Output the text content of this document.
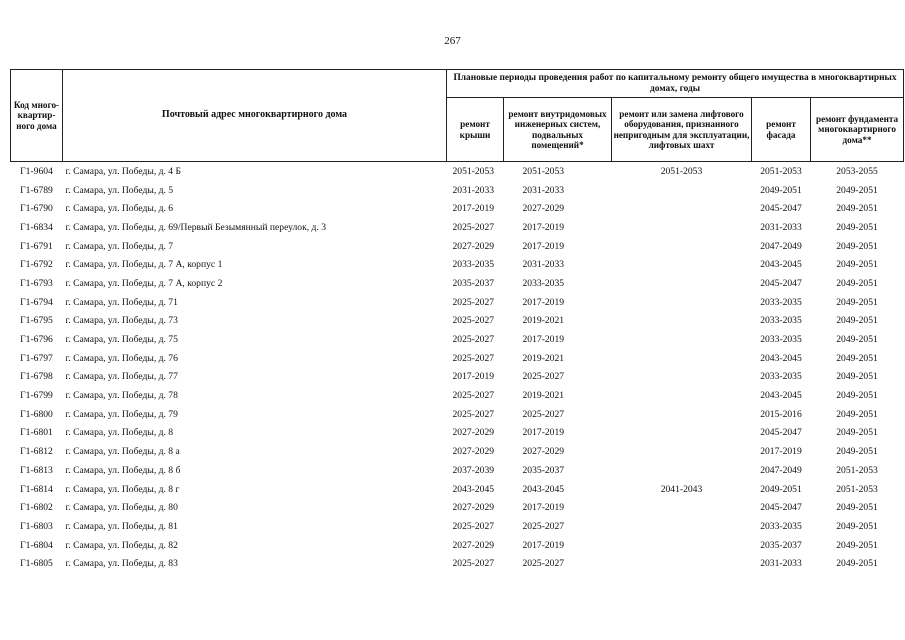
267
Код много-квартир-ного дома	Почтовый адрес многоквартирного дома	Плановые периоды проведения работ по капитальному ремонту общего имущества в многоквартирных домах, годы				
		ремонт крыши	ремонт внутридомовых инженерных систем, подвальных помещений*	ремонт или замена лифтового оборудования, признанного непригодным для эксплуатации, лифтовых шахт	ремонт фасада	ремонт фундамента многоквартирного дома**
Г1-9604	г. Самара, ул. Победы, д. 4 Б	2051-2053	2051-2053	2051-2053	2051-2053	2053-2055
Г1-6789	г. Самара, ул. Победы, д. 5	2031-2033	2031-2033		2049-2051	2049-2051
Г1-6790	г. Самара, ул. Победы, д. 6	2017-2019	2027-2029		2045-2047	2049-2051
Г1-6834	г. Самара, ул. Победы, д. 69/Первый Безымянный переулок, д. 3	2025-2027	2017-2019		2031-2033	2049-2051
Г1-6791	г. Самара, ул. Победы, д. 7	2027-2029	2017-2019		2047-2049	2049-2051
Г1-6792	г. Самара, ул. Победы, д. 7 А, корпус 1	2033-2035	2031-2033		2043-2045	2049-2051
Г1-6793	г. Самара, ул. Победы, д. 7 А, корпус 2	2035-2037	2033-2035		2045-2047	2049-2051
Г1-6794	г. Самара, ул. Победы, д. 71	2025-2027	2017-2019		2033-2035	2049-2051
Г1-6795	г. Самара, ул. Победы, д. 73	2025-2027	2019-2021		2033-2035	2049-2051
Г1-6796	г. Самара, ул. Победы, д. 75	2025-2027	2017-2019		2033-2035	2049-2051
Г1-6797	г. Самара, ул. Победы, д. 76	2025-2027	2019-2021		2043-2045	2049-2051
Г1-6798	г. Самара, ул. Победы, д. 77	2017-2019	2025-2027		2033-2035	2049-2051
Г1-6799	г. Самара, ул. Победы, д. 78	2025-2027	2019-2021		2043-2045	2049-2051
Г1-6800	г. Самара, ул. Победы, д. 79	2025-2027	2025-2027		2015-2016	2049-2051
Г1-6801	г. Самара, ул. Победы, д. 8	2027-2029	2017-2019		2045-2047	2049-2051
Г1-6812	г. Самара, ул. Победы, д. 8 а	2027-2029	2027-2029		2017-2019	2049-2051
Г1-6813	г. Самара, ул. Победы, д. 8 б	2037-2039	2035-2037		2047-2049	2051-2053
Г1-6814	г. Самара, ул. Победы, д. 8 г	2043-2045	2043-2045	2041-2043	2049-2051	2051-2053
Г1-6802	г. Самара, ул. Победы, д. 80	2027-2029	2017-2019		2045-2047	2049-2051
Г1-6803	г. Самара, ул. Победы, д. 81	2025-2027	2025-2027		2033-2035	2049-2051
Г1-6804	г. Самара, ул. Победы, д. 82	2027-2029	2017-2019		2035-2037	2049-2051
Г1-6805	г. Самара, ул. Победы, д. 83	2025-2027	2025-2027		2031-2033	2049-2051
